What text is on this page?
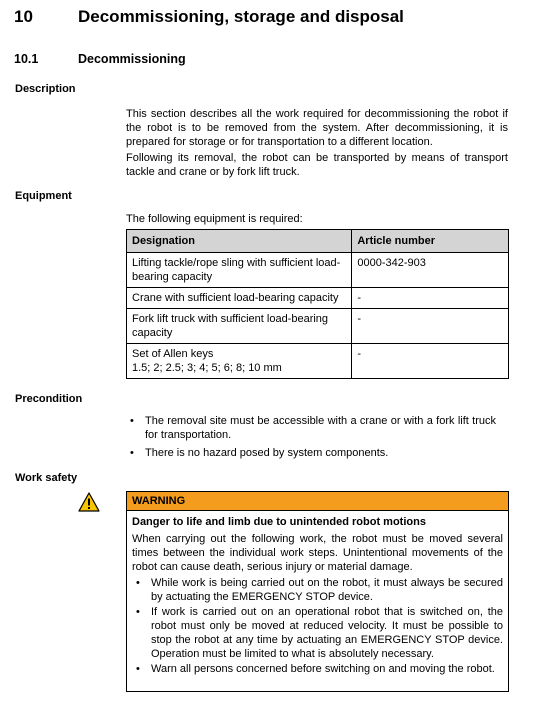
10	Decommissioning, storage and disposal
10.1	Decommissioning
Description
This section describes all the work required for decommissioning the robot if the robot is to be removed from the system. After decommissioning, it is prepared for storage or for transportation to a different location.
Following its removal, the robot can be transported by means of transport tackle and crane or by fork lift truck.
Equipment
The following equipment is required:
Designation	Article number
Lifting tackle/rope sling with sufficient load-bearing capacity	0000-342-903
Crane with sufficient load-bearing capacity	-
Fork lift truck with sufficient load-bearing capacity	-

Set of Allen keys
1.5; 2; 2.5; 3; 4; 5; 6; 8; 10 mm	-
Precondition
• The removal site must be accessible with a crane or with a fork lift truck for transportation.
• There is no hazard posed by system components.
Work safety
WARNING
Danger to life and limb due to unintended robot motions
When carrying out the following work, the robot must be moved several times between the individual work steps. Unintentional movements of the robot can cause death, serious injury or material damage.
• While work is being carried out on the robot, it must always be secured by actuating the EMERGENCY STOP device.
• If work is carried out on an operational robot that is switched on, the robot must only be moved at reduced velocity. It must be possible to stop the robot at any time by actuating an EMERGENCY STOP device. Operation must be limited to what is absolutely necessary.
• Warn all persons concerned before switching on and moving the robot.
